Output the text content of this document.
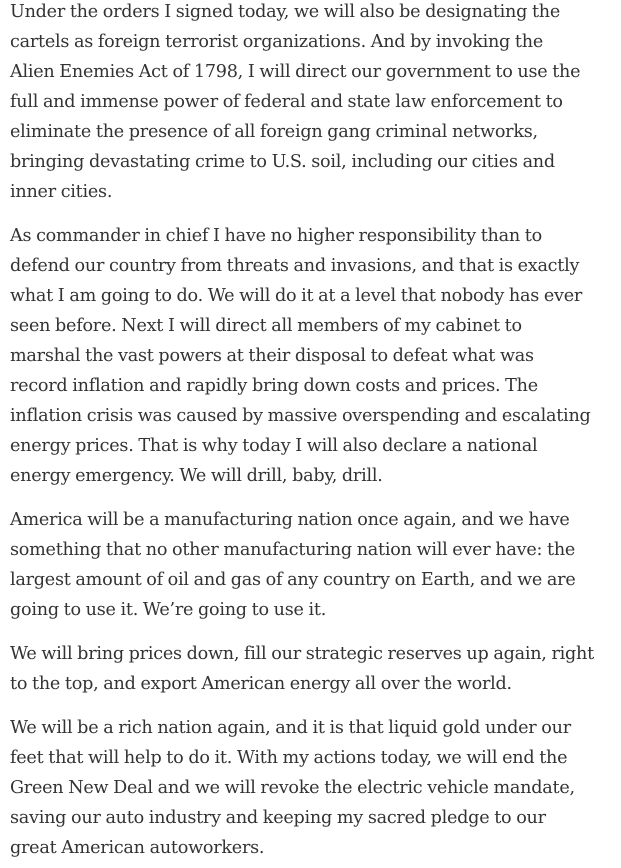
Under the orders I signed today, we will also be designating the
cartels as foreign terrorist organizations. And by invoking the
Alien Enemies Act of 1798, I will direct our government to use the
full and immense power of federal and state law enforcement to
eliminate the presence of all foreign gang criminal networks,
bringing devastating crime to U.S. soil, including our cities and
inner cities.

As commander in chief I have no higher responsibility than to
defend our country from threats and invasions, and that is exactly
what I am going to do. We will do it at a level that nobody has ever
seen before. Next I will direct all members of my cabinet to
marshal the vast powers at their disposal to defeat what was
record inflation and rapidly bring down costs and prices. The
inflation crisis was caused by massive overspending and escalating
energy prices. That is why today I will also declare a national
energy emergency. We will drill, baby, drill.

America will be a manufacturing nation once again, and we have
something that no other manufacturing nation will ever have: the
largest amount of oil and gas of any country on Earth, and we are
going to use it. We’re going to use it.

We will bring prices down, fill our strategic reserves up again, right
to the top, and export American energy all over the world.

We will be a rich nation again, and it is that liquid gold under our
feet that will help to do it. With my actions today, we will end the
Green New Deal and we will revoke the electric vehicle mandate,
saving our auto industry and keeping my sacred pledge to our
great American autoworkers.
